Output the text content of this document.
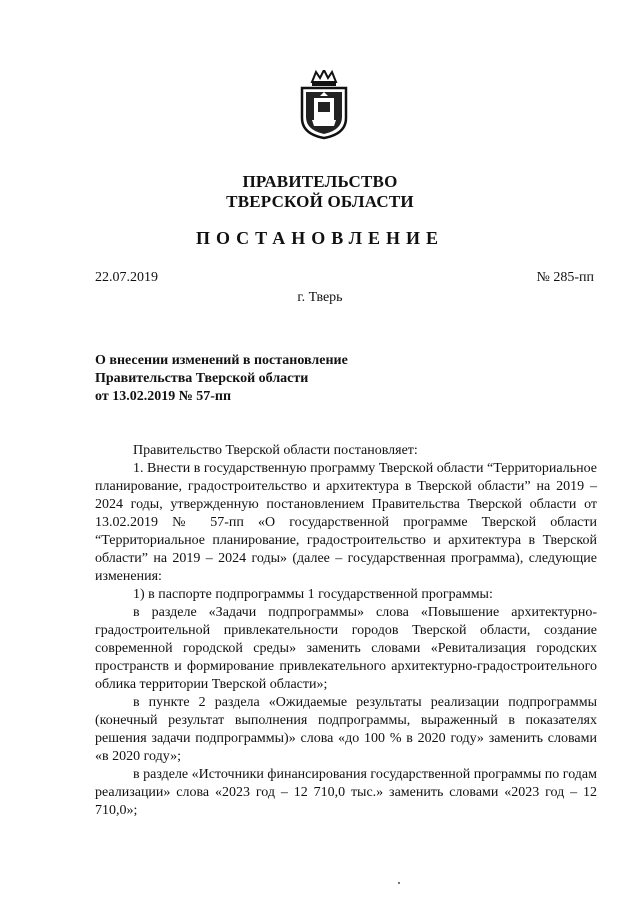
ПРАВИТЕЛЬСТВО
ТВЕРСКОЙ ОБЛАСТИ
ПОСТАНОВЛЕНИЕ
22.07.2019	№ 285-пп
г. Тверь
О внесении изменений в постановление
Правительства Тверской области
от 13.02.2019 № 57-пп

Правительство Тверской области постановляет:

1. Внести в государственную программу Тверской области “Территориальное планирование, градостроительство и архитектура в Тверской области” на 2019 – 2024 годы, утвержденную постановлением Правительства Тверской области от 13.02.2019 № 57-пп «О государственной программе Тверской области “Территориальное планирование, градостроительство и архитектура в Тверской области” на 2019 – 2024 годы» (далее – государственная программа), следующие изменения:

1) в паспорте подпрограммы 1 государственной программы:

в разделе «Задачи подпрограммы» слова «Повышение архитектурно-градостроительной привлекательности городов Тверской области, создание современной городской среды» заменить словами «Ревитализация городских пространств и формирование привлекательного архитектурно-градостроительного облика территории Тверской области»;

в пункте 2 раздела «Ожидаемые результаты реализации подпрограммы (конечный результат выполнения подпрограммы, выраженный в показателях решения задачи подпрограммы)» слова «до 100 % в 2020 году» заменить словами «в 2020 году»;

в разделе «Источники финансирования государственной программы по годам реализации» слова «2023 год – 12 710,0 тыс.» заменить словами «2023 год – 12 710,0»;
